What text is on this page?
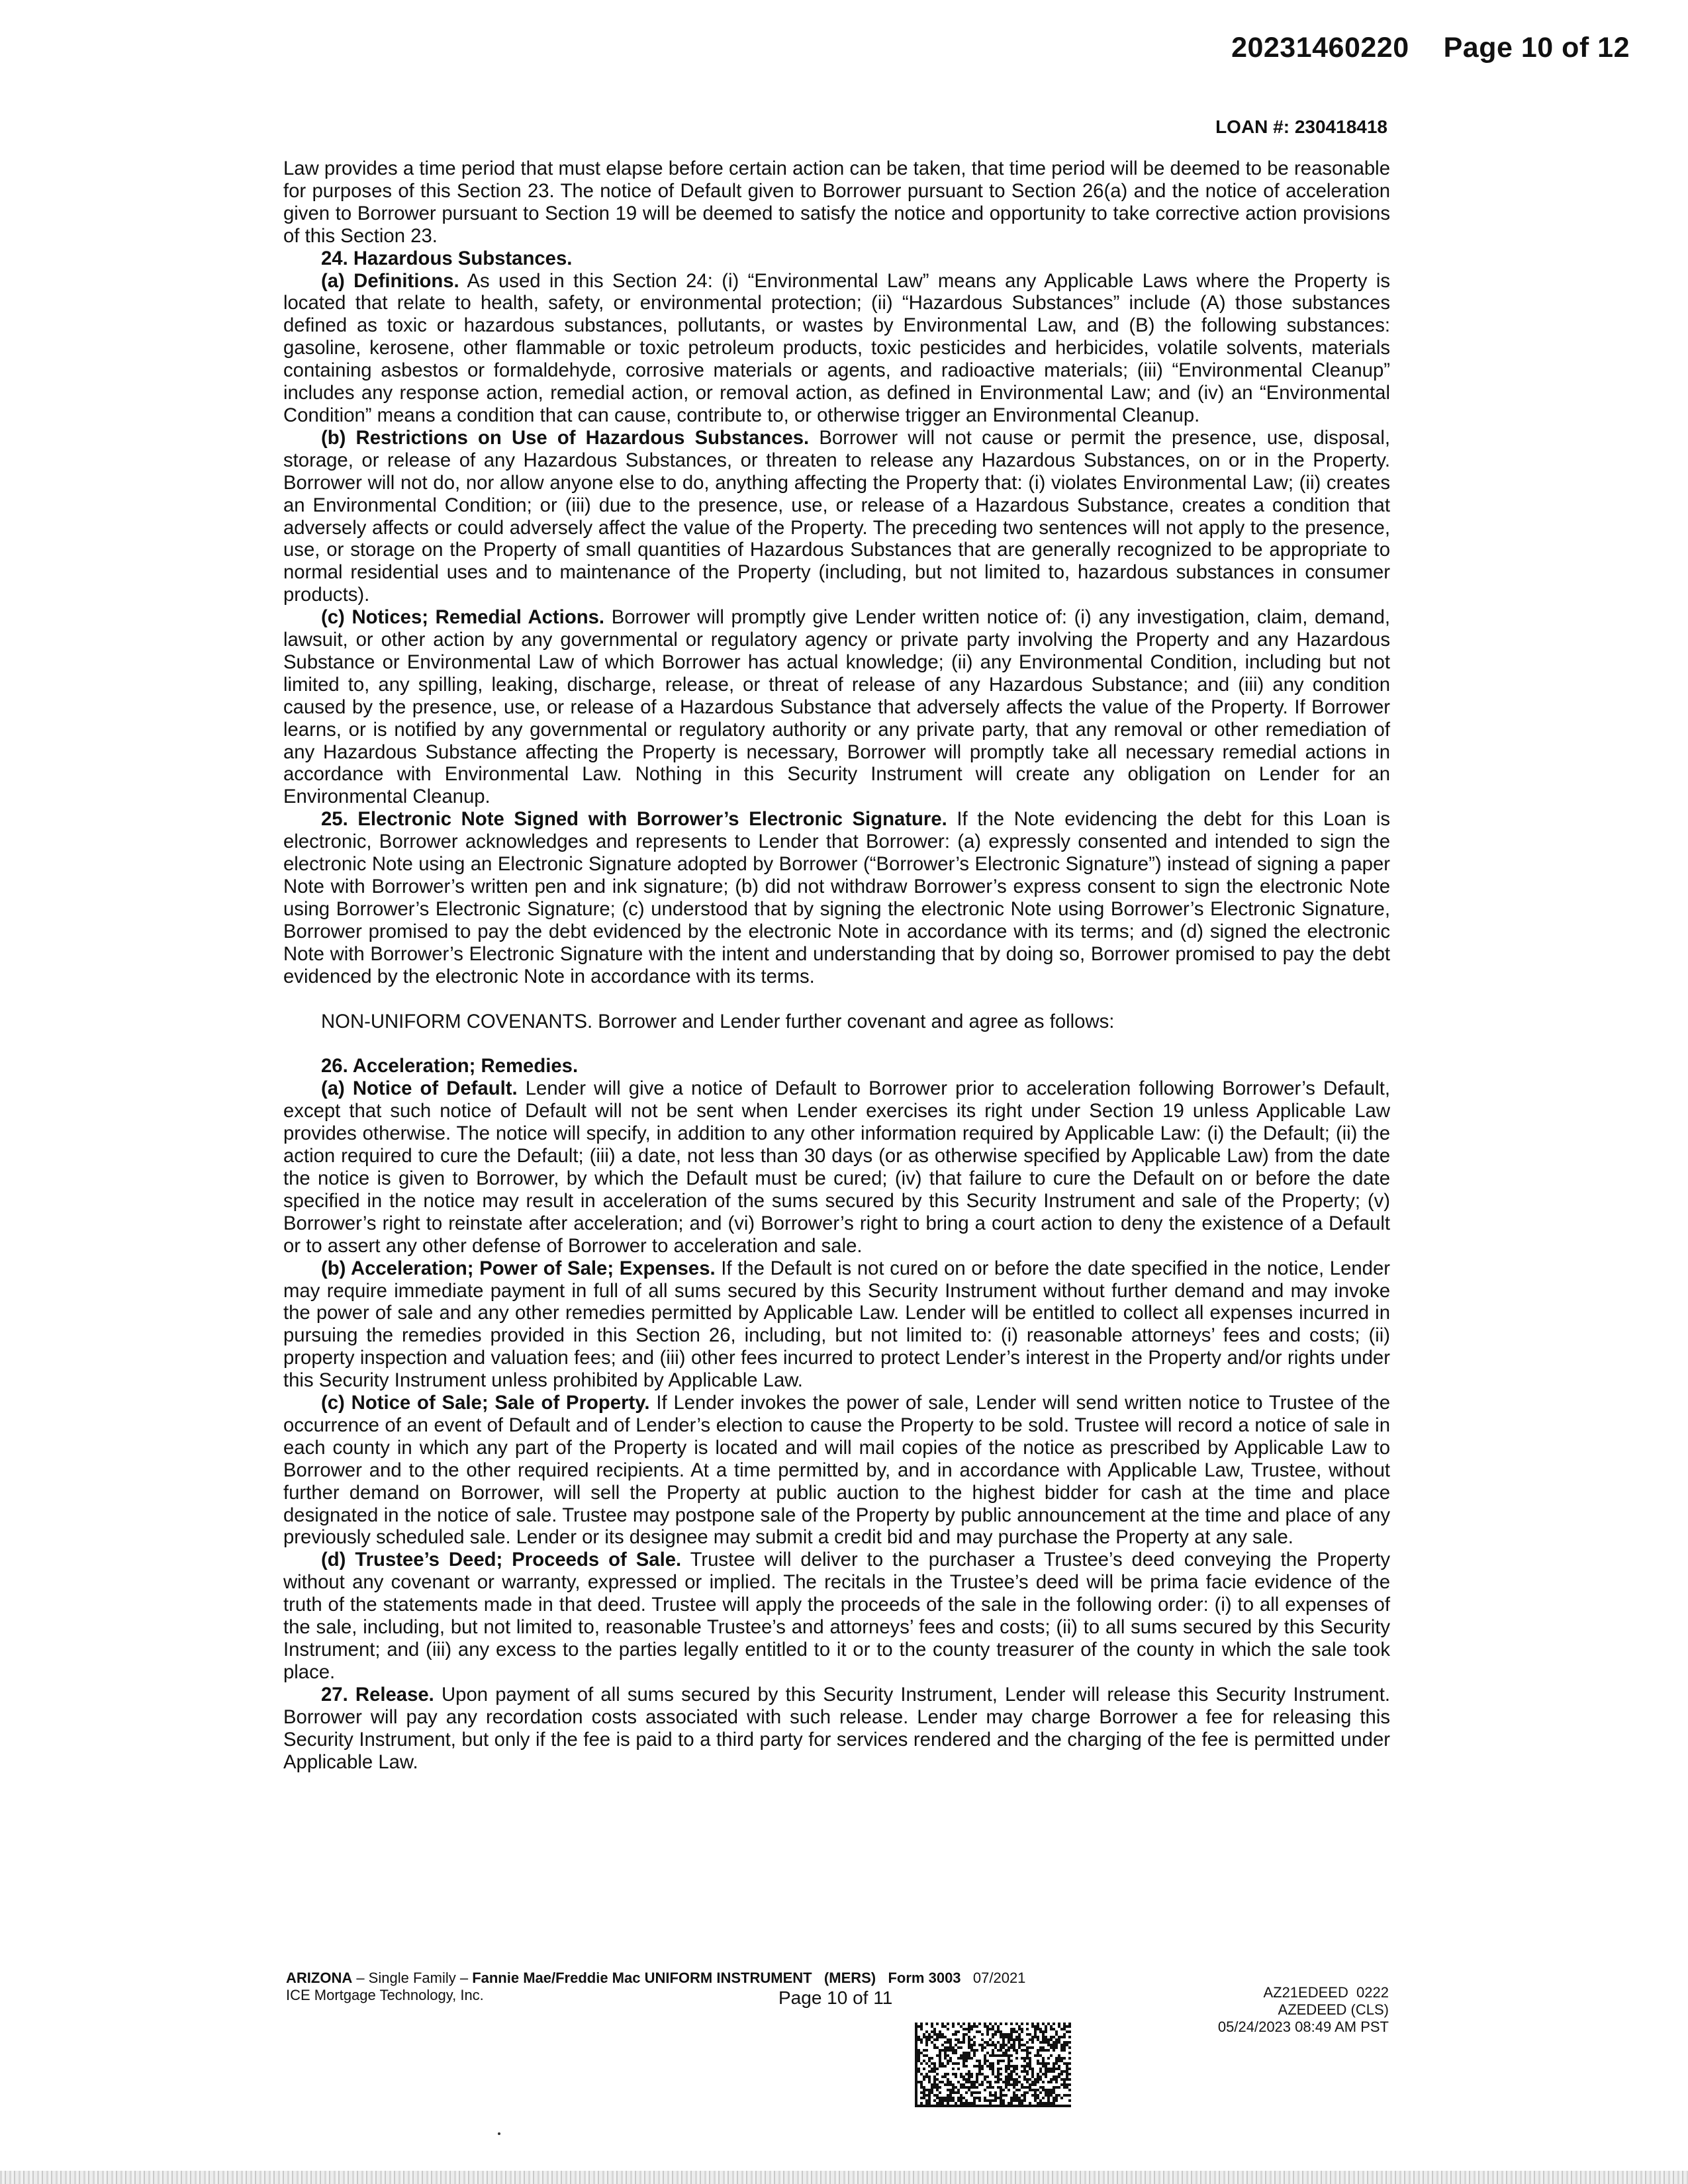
20231460220 Page 10 of 12
LOAN #: 230418418

Law provides a time period that must elapse before certain action can be taken, that time period will be deemed to be reasonable for purposes of this Section 23. The notice of Default given to Borrower pursuant to Section 26(a) and the notice of acceleration given to Borrower pursuant to Section 19 will be deemed to satisfy the notice and opportunity to take corrective action provisions of this Section 23.

24. Hazardous Substances.

(a) Definitions. As used in this Section 24: (i) “Environmental Law” means any Applicable Laws where the Property is located that relate to health, safety, or environmental protection; (ii) “Hazardous Substances” include (A) those substances defined as toxic or hazardous substances, pollutants, or wastes by Environmental Law, and (B) the following substances: gasoline, kerosene, other flammable or toxic petroleum products, toxic pesticides and herbicides, volatile solvents, materials containing asbestos or formaldehyde, corrosive materials or agents, and radioactive materials; (iii) “Environmental Cleanup” includes any response action, remedial action, or removal action, as defined in Environmental Law; and (iv) an “Environmental Condition” means a condition that can cause, contribute to, or otherwise trigger an Environmental Cleanup.

(b) Restrictions on Use of Hazardous Substances. Borrower will not cause or permit the presence, use, disposal, storage, or release of any Hazardous Substances, or threaten to release any Hazardous Substances, on or in the Property. Borrower will not do, nor allow anyone else to do, anything affecting the Property that: (i) violates Environmental Law; (ii) creates an Environmental Condition; or (iii) due to the presence, use, or release of a Hazardous Substance, creates a condition that adversely affects or could adversely affect the value of the Property. The preceding two sentences will not apply to the presence, use, or storage on the Property of small quantities of Hazardous Substances that are generally recognized to be appropriate to normal residential uses and to maintenance of the Property (including, but not limited to, hazardous substances in consumer products).

(c) Notices; Remedial Actions. Borrower will promptly give Lender written notice of: (i) any investigation, claim, demand, lawsuit, or other action by any governmental or regulatory agency or private party involving the Property and any Hazardous Substance or Environmental Law of which Borrower has actual knowledge; (ii) any Environmental Condition, including but not limited to, any spilling, leaking, discharge, release, or threat of release of any Hazardous Substance; and (iii) any condition caused by the presence, use, or release of a Hazardous Substance that adversely affects the value of the Property. If Borrower learns, or is notified by any governmental or regulatory authority or any private party, that any removal or other remediation of any Hazardous Substance affecting the Property is necessary, Borrower will promptly take all necessary remedial actions in accordance with Environmental Law. Nothing in this Security Instrument will create any obligation on Lender for an Environmental Cleanup.

25. Electronic Note Signed with Borrower’s Electronic Signature. If the Note evidencing the debt for this Loan is electronic, Borrower acknowledges and represents to Lender that Borrower: (a) expressly consented and intended to sign the electronic Note using an Electronic Signature adopted by Borrower (“Borrower’s Electronic Signature”) instead of signing a paper Note with Borrower’s written pen and ink signature; (b) did not withdraw Borrower’s express consent to sign the electronic Note using Borrower’s Electronic Signature; (c) understood that by signing the electronic Note using Borrower’s Electronic Signature, Borrower promised to pay the debt evidenced by the electronic Note in accordance with its terms; and (d) signed the electronic Note with Borrower’s Electronic Signature with the intent and understanding that by doing so, Borrower promised to pay the debt evidenced by the electronic Note in accordance with its terms.

NON-UNIFORM COVENANTS. Borrower and Lender further covenant and agree as follows:

26. Acceleration; Remedies.

(a) Notice of Default. Lender will give a notice of Default to Borrower prior to acceleration following Borrower’s Default, except that such notice of Default will not be sent when Lender exercises its right under Section 19 unless Applicable Law provides otherwise. The notice will specify, in addition to any other information required by Applicable Law: (i) the Default; (ii) the action required to cure the Default; (iii) a date, not less than 30 days (or as otherwise specified by Applicable Law) from the date the notice is given to Borrower, by which the Default must be cured; (iv) that failure to cure the Default on or before the date specified in the notice may result in acceleration of the sums secured by this Security Instrument and sale of the Property; (v) Borrower’s right to reinstate after acceleration; and (vi) Borrower’s right to bring a court action to deny the existence of a Default or to assert any other defense of Borrower to acceleration and sale.

(b) Acceleration; Power of Sale; Expenses. If the Default is not cured on or before the date specified in the notice, Lender may require immediate payment in full of all sums secured by this Security Instrument without further demand and may invoke the power of sale and any other remedies permitted by Applicable Law. Lender will be entitled to collect all expenses incurred in pursuing the remedies provided in this Section 26, including, but not limited to: (i) reasonable attorneys’ fees and costs; (ii) property inspection and valuation fees; and (iii) other fees incurred to protect Lender’s interest in the Property and/or rights under this Security Instrument unless prohibited by Applicable Law.

(c) Notice of Sale; Sale of Property. If Lender invokes the power of sale, Lender will send written notice to Trustee of the occurrence of an event of Default and of Lender’s election to cause the Property to be sold. Trustee will record a notice of sale in each county in which any part of the Property is located and will mail copies of the notice as prescribed by Applicable Law to Borrower and to the other required recipients. At a time permitted by, and in accordance with Applicable Law, Trustee, without further demand on Borrower, will sell the Property at public auction to the highest bidder for cash at the time and place designated in the notice of sale. Trustee may postpone sale of the Property by public announcement at the time and place of any previously scheduled sale. Lender or its designee may submit a credit bid and may purchase the Property at any sale.

(d) Trustee’s Deed; Proceeds of Sale. Trustee will deliver to the purchaser a Trustee’s deed conveying the Property without any covenant or warranty, expressed or implied. The recitals in the Trustee’s deed will be prima facie evidence of the truth of the statements made in that deed. Trustee will apply the proceeds of the sale in the following order: (i) to all expenses of the sale, including, but not limited to, reasonable Trustee’s and attorneys’ fees and costs; (ii) to all sums secured by this Security Instrument; and (iii) any excess to the parties legally entitled to it or to the county treasurer of the county in which the sale took place.

27. Release. Upon payment of all sums secured by this Security Instrument, Lender will release this Security Instrument. Borrower will pay any recordation costs associated with such release. Lender may charge Borrower a fee for releasing this Security Instrument, but only if the fee is paid to a third party for services rendered and the charging of the fee is permitted under Applicable Law.

ARIZONA – Single Family – Fannie Mae/Freddie Mac UNIFORM INSTRUMENT (MERS) Form 3003 07/2021
ICE Mortgage Technology, Inc.	Page 10 of 11	AZ21EDEED  0222
AZEDEED (CLS)
05/24/2023 08:49 AM PST
